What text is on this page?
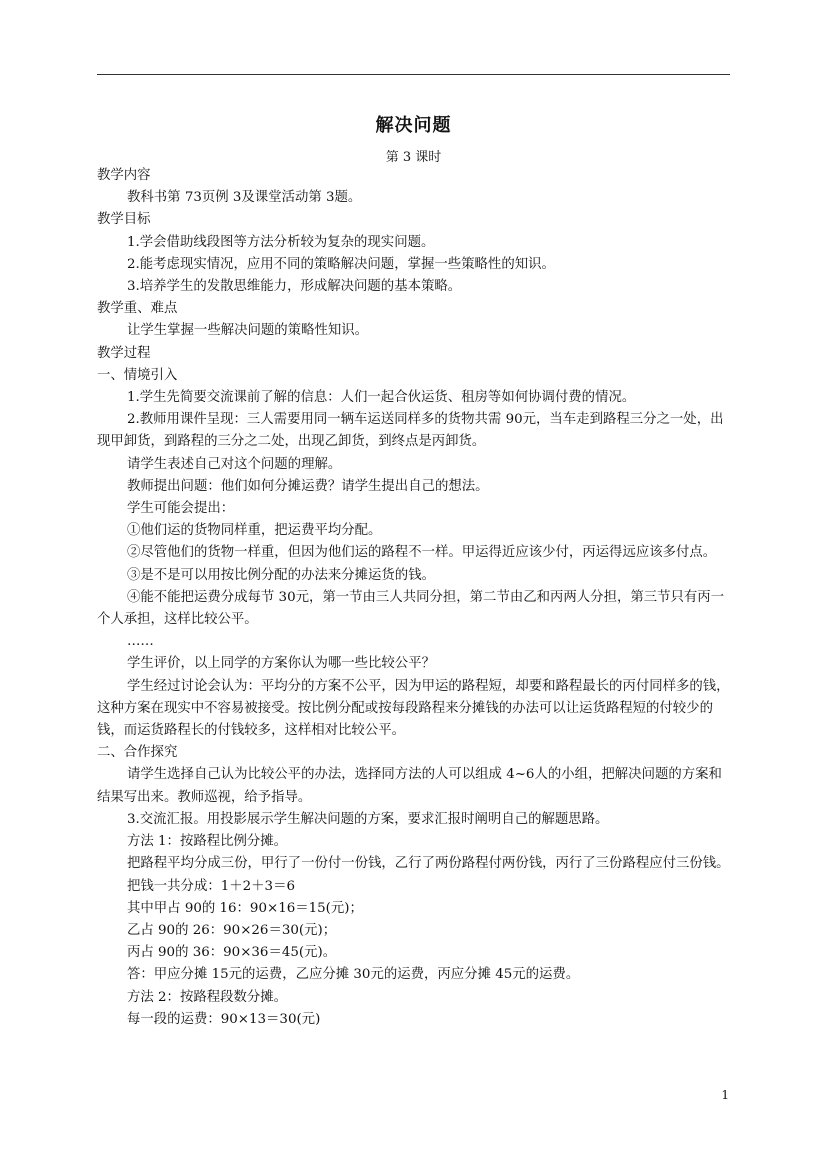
解决问题
第 3 课时
教学内容
教科书第 73页例 3及课堂活动第 3题。
教学目标
1.学会借助线段图等方法分析较为复杂的现实问题。
2.能考虑现实情况，应用不同的策略解决问题，掌握一些策略性的知识。
3.培养学生的发散思维能力，形成解决问题的基本策略。
教学重、难点
让学生掌握一些解决问题的策略性知识。
教学过程
一、情境引入
1.学生先简要交流课前了解的信息：人们一起合伙运货、租房等如何协调付费的情况。
2.教师用课件呈现：三人需要用同一辆车运送同样多的货物共需 90元，当车走到路程三分之一处，出现甲卸货，到路程的三分之二处，出现乙卸货，到终点是丙卸货。
请学生表述自己对这个问题的理解。
教师提出问题：他们如何分摊运费？请学生提出自己的想法。
学生可能会提出：
①他们运的货物同样重，把运费平均分配。
②尽管他们的货物一样重，但因为他们运的路程不一样。甲运得近应该少付，丙运得远应该多付点。
③是不是可以用按比例分配的办法来分摊运货的钱。
④能不能把运费分成每节 30元，第一节由三人共同分担，第二节由乙和丙两人分担，第三节只有丙一个人承担，这样比较公平。
……
学生评价，以上同学的方案你认为哪一些比较公平？
学生经过讨论会认为：平均分的方案不公平，因为甲运的路程短，却要和路程最长的丙付同样多的钱，这种方案在现实中不容易被接受。按比例分配或按每段路程来分摊钱的办法可以让运货路程短的付较少的钱，而运货路程长的付钱较多，这样相对比较公平。
二、合作探究
请学生选择自己认为比较公平的办法，选择同方法的人可以组成 4~6人的小组，把解决问题的方案和结果写出来。教师巡视，给予指导。
3.交流汇报。用投影展示学生解决问题的方案，要求汇报时阐明自己的解题思路。
方法 1：按路程比例分摊。
把路程平均分成三份，甲行了一份付一份钱，乙行了两份路程付两份钱，丙行了三份路程应付三份钱。
把钱一共分成：1＋2＋3＝6
其中甲占 90的 16：90×16＝15(元)；
乙占 90的 26：90×26＝30(元)；
丙占 90的 36：90×36＝45(元)。
答：甲应分摊 15元的运费，乙应分摊 30元的运费，丙应分摊 45元的运费。
方法 2：按路程段数分摊。
每一段的运费：90×13＝30(元)
1
